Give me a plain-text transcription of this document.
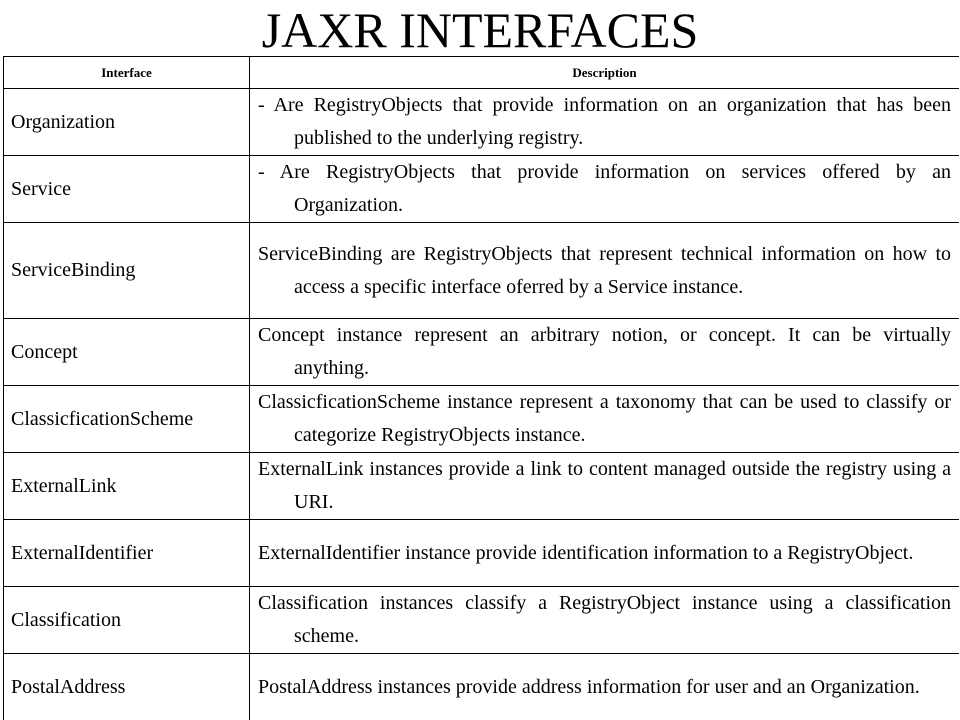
JAXR INTERFACES
Interface	Description
Organization	- Are RegistryObjects that provide information on an organization that has been published to the underlying registry.

Service	- Are RegistryObjects that provide information on services offered by an Organization.

ServiceBinding	ServiceBinding are RegistryObjects that represent technical information on how to access a specific interface oferred by a Service instance.

Concept	Concept instance represent an arbitrary notion, or concept. It can be virtually anything.

ClassicficationScheme	ClassicficationScheme instance represent a taxonomy that can be used to classify or categorize RegistryObjects instance.

ExternalLink	ExternalLink instances provide a link to content managed outside the registry using a URI.

ExternalIdentifier	ExternalIdentifier instance provide identification information to a RegistryObject.

Classification	Classification instances classify a RegistryObject instance using a classification scheme.

PostalAddress	PostalAddress instances provide address information for user and an Organization.
